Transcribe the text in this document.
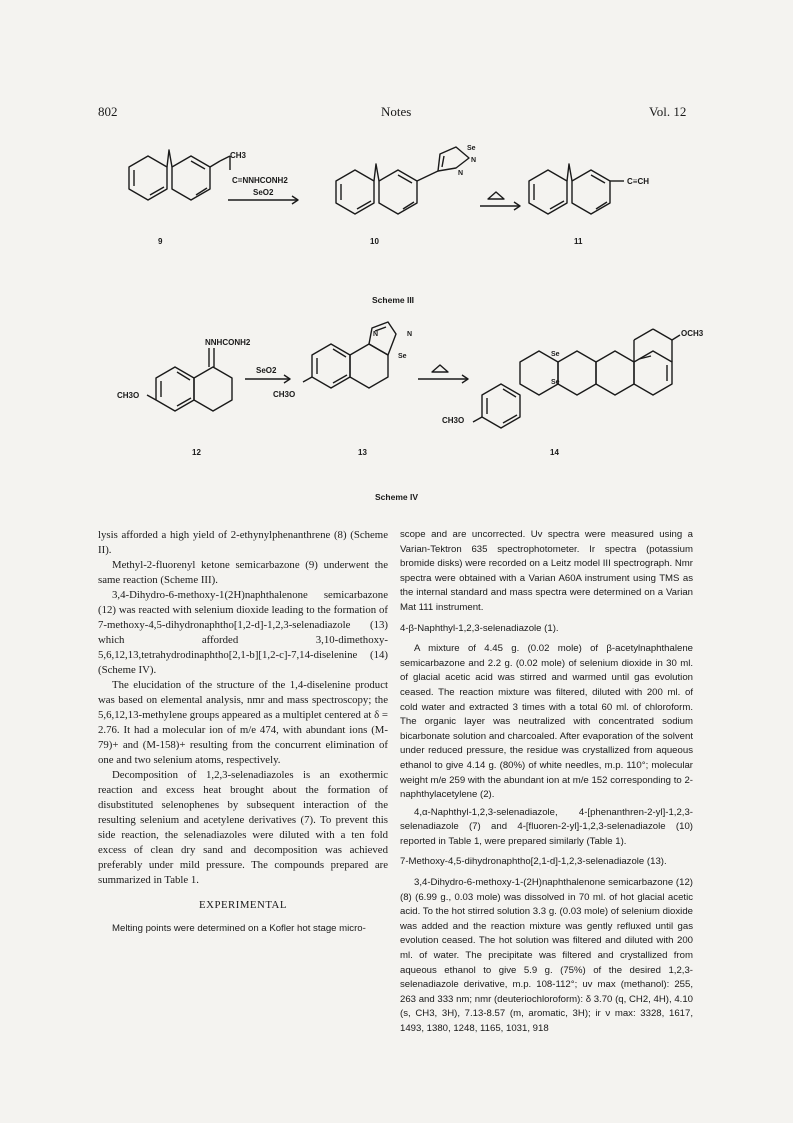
802	Notes	Vol. 12
CH3
C=NNHCONH2
SeO2
Se
N
N
C≡CH
9	10	11
Scheme III
NNHCONH2
CH3O
SeO2
N	N
Se
CH3O
Se
Se
OCH3
CH3O
12	13	14
Scheme IV

lysis afforded a high yield of 2-ethynylphenanthrene (8) (Scheme II).

Methyl-2-fluorenyl ketone semicarbazone (9) underwent the same reaction (Scheme III).

3,4-Dihydro-6-methoxy-1(2H)naphthalenone semicarbazone (12) was reacted with selenium dioxide leading to the formation of 7-methoxy-4,5-dihydronaphtho[1,2-d]-1,2,3-selenadiazole (13) which afforded 3,10-dimethoxy-5,6,12,13,tetrahydrodinaphtho[2,1-b][1,2-c]-7,14-diselenine (14) (Scheme IV).

The elucidation of the structure of the 1,4-diselenine product was based on elemental analysis, nmr and mass spectroscopy; the 5,6,12,13-methylene groups appeared as a multiplet centered at δ = 2.76. It had a molecular ion of m/e 474, with abundant ions (M-79)+ and (M-158)+ resulting from the concurrent elimination of one and two selenium atoms, respectively.

Decomposition of 1,2,3-selenadiazoles is an exothermic reaction and excess heat brought about the formation of disubstituted selenophenes by subsequent interaction of the resulting selenium and acetylene derivatives (7). To prevent this side reaction, the selenadiazoles were diluted with a ten fold excess of clean dry sand and decomposition was achieved preferably under mild pressure. The compounds prepared are summarized in Table 1.

EXPERIMENTAL

Melting points were determined on a Kofler hot stage micro-

scope and are uncorrected. Uv spectra were measured using a Varian-Tektron 635 spectrophotometer. Ir spectra (potassium bromide disks) were recorded on a Leitz model III spectrograph. Nmr spectra were obtained with a Varian A60A instrument using TMS as the internal standard and mass spectra were determined on a Varian Mat 111 instrument.

4-β-Naphthyl-1,2,3-selenadiazole (1).

A mixture of 4.45 g. (0.02 mole) of β-acetylnaphthalene semicarbazone and 2.2 g. (0.02 mole) of selenium dioxide in 30 ml. of glacial acetic acid was stirred and warmed until gas evolution ceased. The reaction mixture was filtered, diluted with 200 ml. of cold water and extracted 3 times with a total 60 ml. of chloroform. The organic layer was neutralized with concentrated sodium bicarbonate solution and charcoaled. After evaporation of the solvent under reduced pressure, the residue was crystallized from aqueous ethanol to give 4.14 g. (80%) of white needles, m.p. 110°; molecular weight m/e 259 with the abundant ion at m/e 152 corresponding to 2-naphthylacetylene (2).

4,α-Naphthyl-1,2,3-selenadiazole, 4-[phenanthren-2-yl]-1,2,3-selenadiazole (7) and 4-[fluoren-2-yl]-1,2,3-selenadiazole (10) reported in Table 1, were prepared similarly (Table 1).

7-Methoxy-4,5-dihydronaphtho[2,1-d]-1,2,3-selenadiazole (13).

3,4-Dihydro-6-methoxy-1-(2H)naphthalenone semicarbazone (12) (8) (6.99 g., 0.03 mole) was dissolved in 70 ml. of hot glacial acetic acid. To the hot stirred solution 3.3 g. (0.03 mole) of selenium dioxide was added and the reaction mixture was gently refluxed until gas evolution ceased. The hot solution was filtered and diluted with 200 ml. of water. The precipitate was filtered and crystallized from aqueous ethanol to give 5.9 g. (75%) of the desired 1,2,3-selenadiazole derivative, m.p. 108-112°; uv max (methanol): 255, 263 and 333 nm; nmr (deuteriochloroform): δ 3.70 (q, CH2, 4H), 4.10 (s, CH3, 3H), 7.13-8.57 (m, aromatic, 3H); ir ν max: 3328, 1617, 1493, 1380, 1248, 1165, 1031, 918
